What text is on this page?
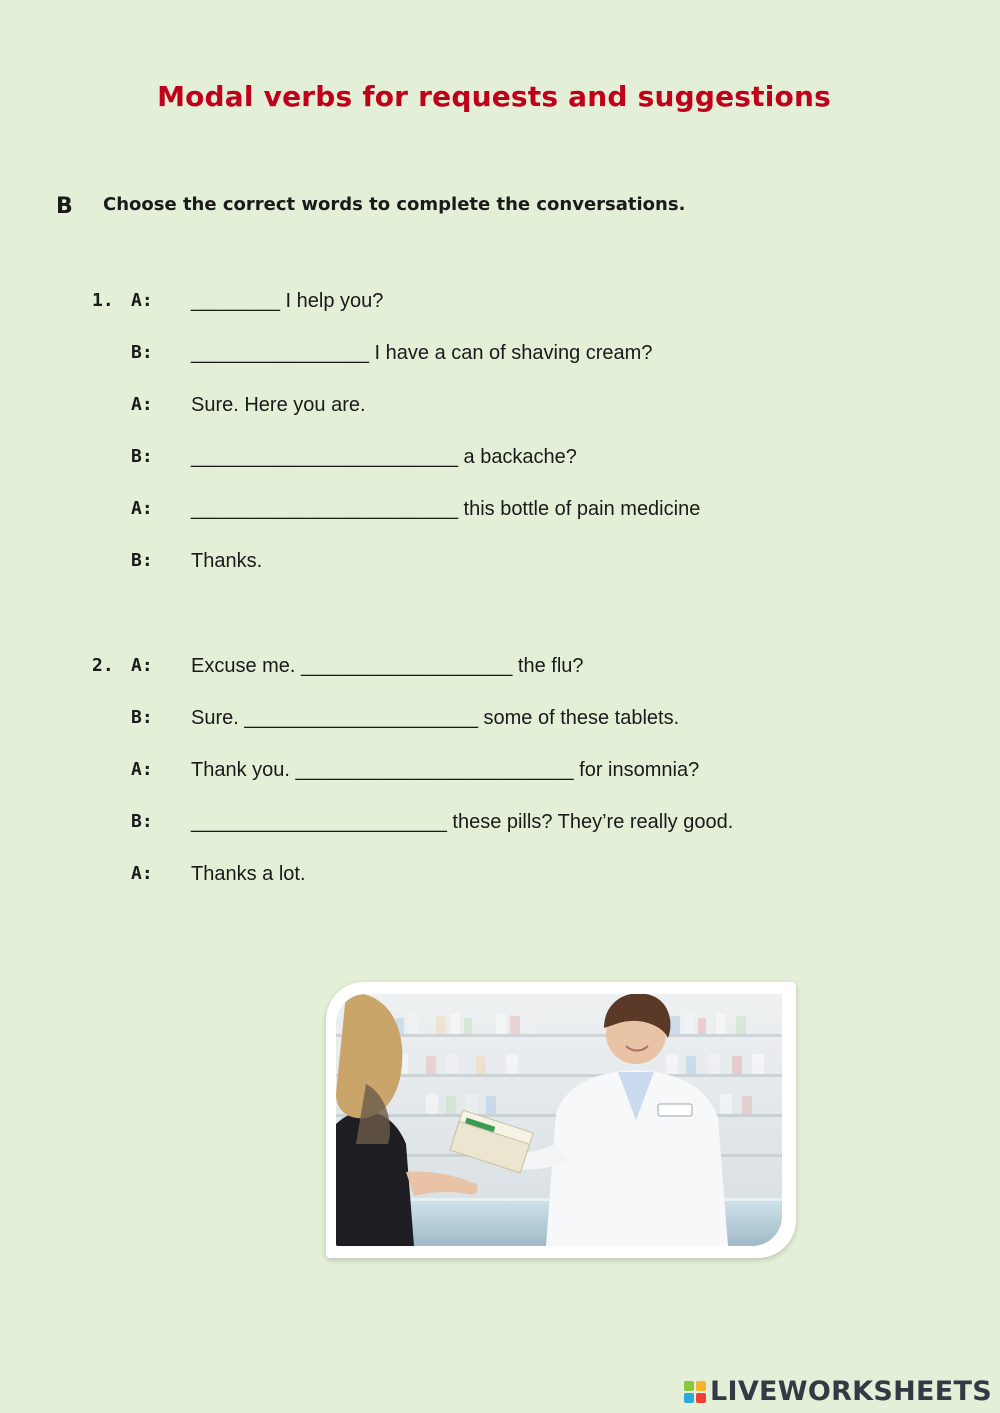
Modal verbs for requests and suggestions
B Choose the correct words to complete the conversations.
1. A: ________ I help you?
B: ________________ I have a can of shaving cream?
A: Sure. Here you are.
B: ________________________ a backache?
A: ________________________ this bottle of pain medicine
B: Thanks.
2. A: Excuse me. ___________________ the flu?
B: Sure. _____________________ some of these tablets.
A: Thank you. _________________________ for insomnia?
B: _______________________ these pills? They’re really good.
A: Thanks a lot.
LIVEWORKSHEETS
